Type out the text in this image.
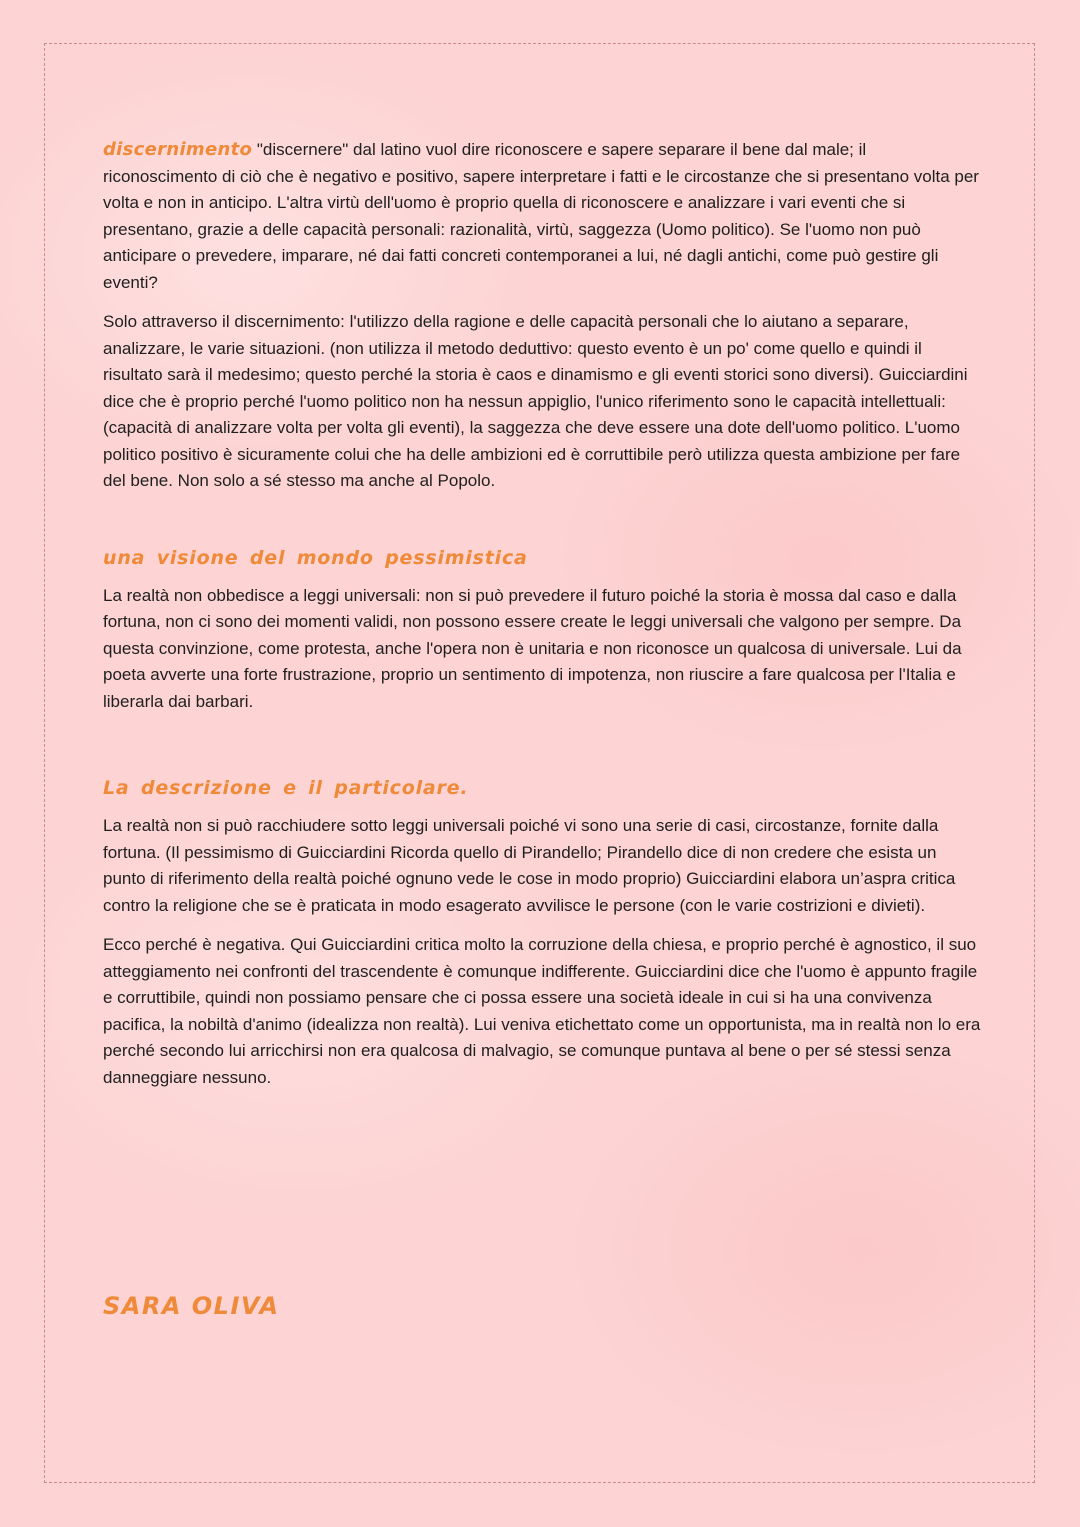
discernimento "discernere" dal latino vuol dire riconoscere e sapere separare il bene dal male; il riconoscimento di ciò che è negativo e positivo, sapere interpretare i fatti e le circostanze che si presentano volta per volta e non in anticipo. L'altra virtù dell'uomo è proprio quella di riconoscere e analizzare i vari eventi che si presentano, grazie a delle capacità personali: razionalità, virtù, saggezza (Uomo politico). Se l'uomo non può anticipare o prevedere, imparare, né dai fatti concreti contemporanei a lui, né dagli antichi, come può gestire gli eventi?

Solo attraverso il discernimento: l'utilizzo della ragione e delle capacità personali che lo aiutano a separare, analizzare, le varie situazioni. (non utilizza il metodo deduttivo: questo evento è un po' come quello e quindi il risultato sarà il medesimo; questo perché la storia è caos e dinamismo e gli eventi storici sono diversi). Guicciardini dice che è proprio perché l'uomo politico non ha nessun appiglio, l'unico riferimento sono le capacità intellettuali: (capacità di analizzare volta per volta gli eventi), la saggezza che deve essere una dote dell'uomo politico. L'uomo politico positivo è sicuramente colui che ha delle ambizioni ed è corruttibile però utilizza questa ambizione per fare del bene. Non solo a sé stesso ma anche al Popolo.

una visione del mondo pessimistica

La realtà non obbedisce a leggi universali: non si può prevedere il futuro poiché la storia è mossa dal caso e dalla fortuna, non ci sono dei momenti validi, non possono essere create le leggi universali che valgono per sempre. Da questa convinzione, come protesta, anche l'opera non è unitaria e non riconosce un qualcosa di universale. Lui da poeta avverte una forte frustrazione, proprio un sentimento di impotenza, non riuscire a fare qualcosa per l'Italia e liberarla dai barbari.

La descrizione e il particolare.

La realtà non si può racchiudere sotto leggi universali poiché vi sono una serie di casi, circostanze, fornite dalla fortuna. (Il pessimismo di Guicciardini Ricorda quello di Pirandello; Pirandello dice di non credere che esista un punto di riferimento della realtà poiché ognuno vede le cose in modo proprio) Guicciardini elabora un’aspra critica contro la religione che se è praticata in modo esagerato avvilisce le persone (con le varie costrizioni e divieti).

Ecco perché è negativa. Qui Guicciardini critica molto la corruzione della chiesa, e proprio perché è agnostico, il suo atteggiamento nei confronti del trascendente è comunque indifferente. Guicciardini dice che l'uomo è appunto fragile e corruttibile, quindi non possiamo pensare che ci possa essere una società ideale in cui si ha una convivenza pacifica, la nobiltà d'animo (idealizza non realtà). Lui veniva etichettato come un opportunista, ma in realtà non lo era perché secondo lui arricchirsi non era qualcosa di malvagio, se comunque puntava al bene o per sé stessi senza danneggiare nessuno.

SARA OLIVA
